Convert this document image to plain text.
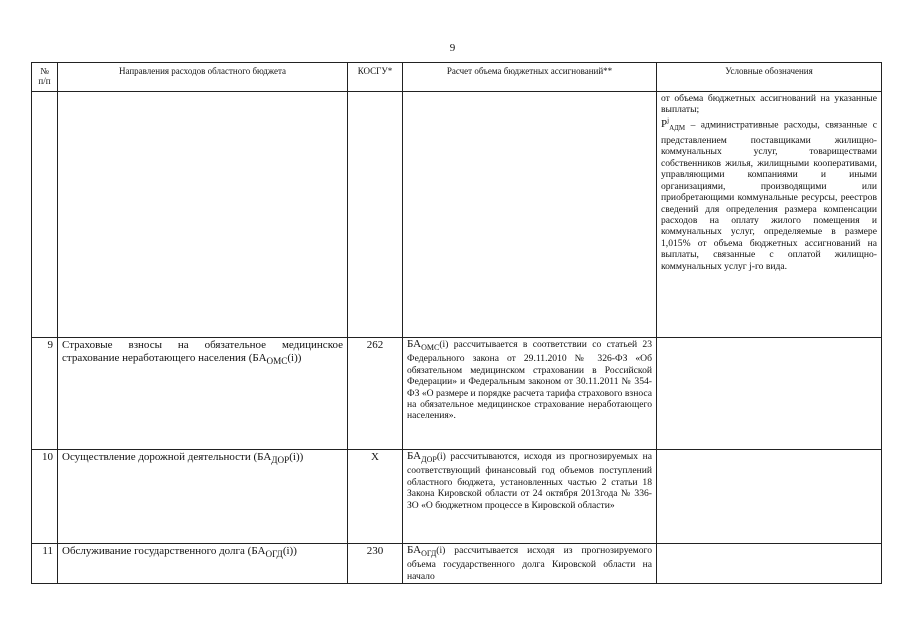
9
№ п/п	Направления расходов областного бюджета	КОСГУ*	Расчет объема бюджетных ассигнований**	Условные обозначения

				от объема бюджетных ассигнований на указанные выплаты;
$P^j_{АДМ}$ – административные расходы, связанные с представлением поставщиками жилищно-коммунальных услуг, товариществами собственников жилья, жилищными кооперативами, управляющими компаниями и иными организациями, производящими или приобретающими коммунальные ресурсы, реестров сведений для определения размера компенсации расходов на оплату жилого помещения и коммунальных услуг, определяемые в размере 1,015% от объема бюджетных ассигнований на выплаты, связанные с оплатой жилищно-коммунальных услуг j-го вида.

9	Страховые взносы на обязательное медицинское страхование неработающего населения $(БА_{ОМС}(i))$	262	$БА_{ОМС}(i)$ рассчитывается в соответствии со статьей 23 Федерального закона от 29.11.2010 № 326-ФЗ «Об обязательном медицинском страховании в Российской Федерации» и Федеральным законом от 30.11.2011 № 354-ФЗ «О размере и порядке расчета тарифа страхового взноса на обязательное медицинское страхование неработающего населения».	
10	Осуществление дорожной деятельности $(БА_{ДОР}(i))$	Х	$БА_{ДОР}(i)$ рассчитываются, исходя из прогнозируемых на соответствующий финансовый год объемов поступлений областного бюджета, установленных частью 2 статьи 18 Закона Кировской области от 24 октября 2013года № 336-ЗО «О бюджетном процессе в Кировской области»	
11	Обслуживание государственного долга $(БА_{ОГД}(i))$	230	$БА_{ОГД}(i)$ рассчитывается исходя из прогнозируемого объема государственного долга Кировской области на начало	
